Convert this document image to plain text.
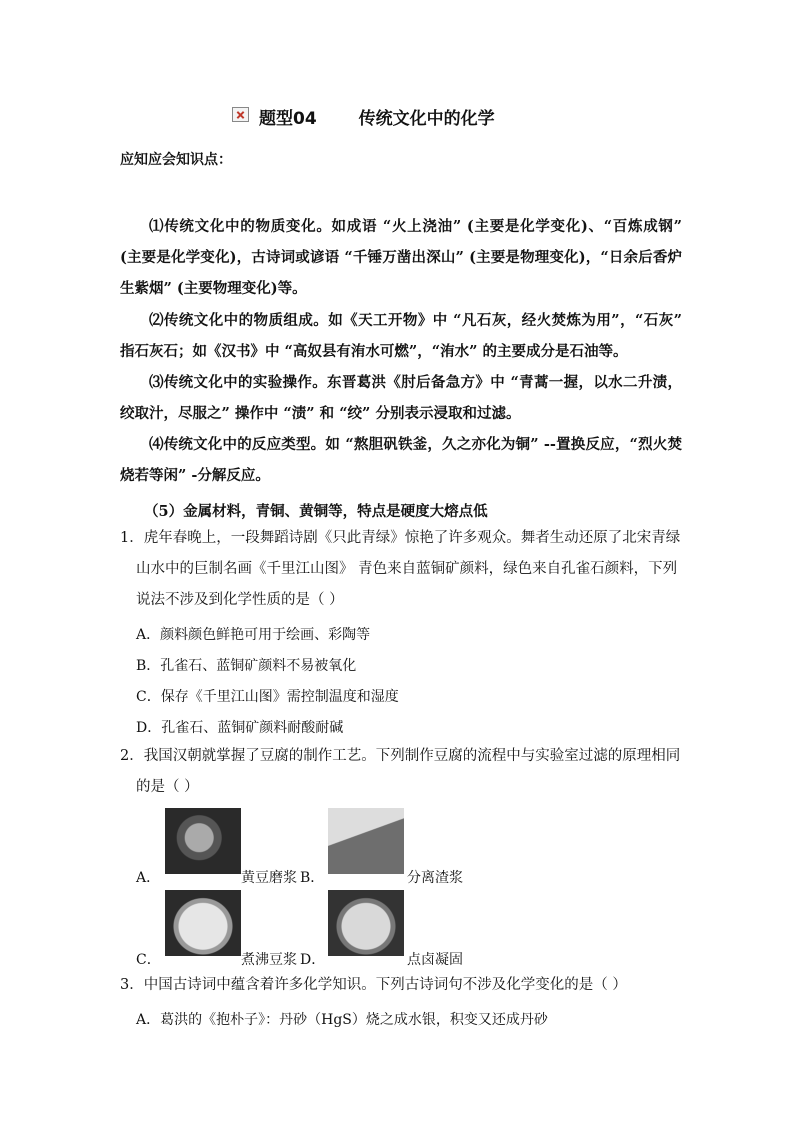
题型04 传统文化中的化学
应知应会知识点：
⑴传统文化中的物质变化。如成语 “火上浇油” (主要是化学变化)、“百炼成钢” (主要是化学变化)，古诗词或谚语 “千锤万凿出深山” (主要是物理变化)，“日余后香炉生紫烟” (主要物理变化)等。
⑵传统文化中的物质组成。如《天工开物》中 “凡石灰，经火焚炼为用”，“石灰” 指石灰石；如《汉书》中 “高奴县有洧水可燃”，“洧水” 的主要成分是石油等。
⑶传统文化中的实验操作。东晋葛洪《肘后备急方》中 “青蒿一握，以水二升渍，绞取汁，尽服之” 操作中 “渍” 和 “绞” 分别表示浸取和过滤。
⑷传统文化中的反应类型。如 “熬胆矾铁釜，久之亦化为铜” --置换反应，“烈火焚烧若等闲” -分解反应。
（5）金属材料，青铜、黄铜等，特点是硬度大熔点低
1．虎年春晚上，一段舞蹈诗剧《只此青绿》惊艳了许多观众。舞者生动还原了北宋青绿山水中的巨制名画《千里江山图》 青色来自蓝铜矿颜料，绿色来自孔雀石颜料，下列说法不涉及到化学性质的是（ ）
A．颜料颜色鲜艳可用于绘画、彩陶等
B．孔雀石、蓝铜矿颜料不易被氧化
C．保存《千里江山图》需控制温度和湿度
D．孔雀石、蓝铜矿颜料耐酸耐碱
2．我国汉朝就掌握了豆腐的制作工艺。下列制作豆腐的流程中与实验室过滤的原理相同的是（ ）
A．	黄豆磨浆 B．	分离渣浆
C．	煮沸豆浆 D．	点卤凝固
3．中国古诗词中蕴含着许多化学知识。下列古诗词句不涉及化学变化的是（ ）
A．葛洪的《抱朴子》：丹砂（HgS）烧之成水银，积变又还成丹砂
